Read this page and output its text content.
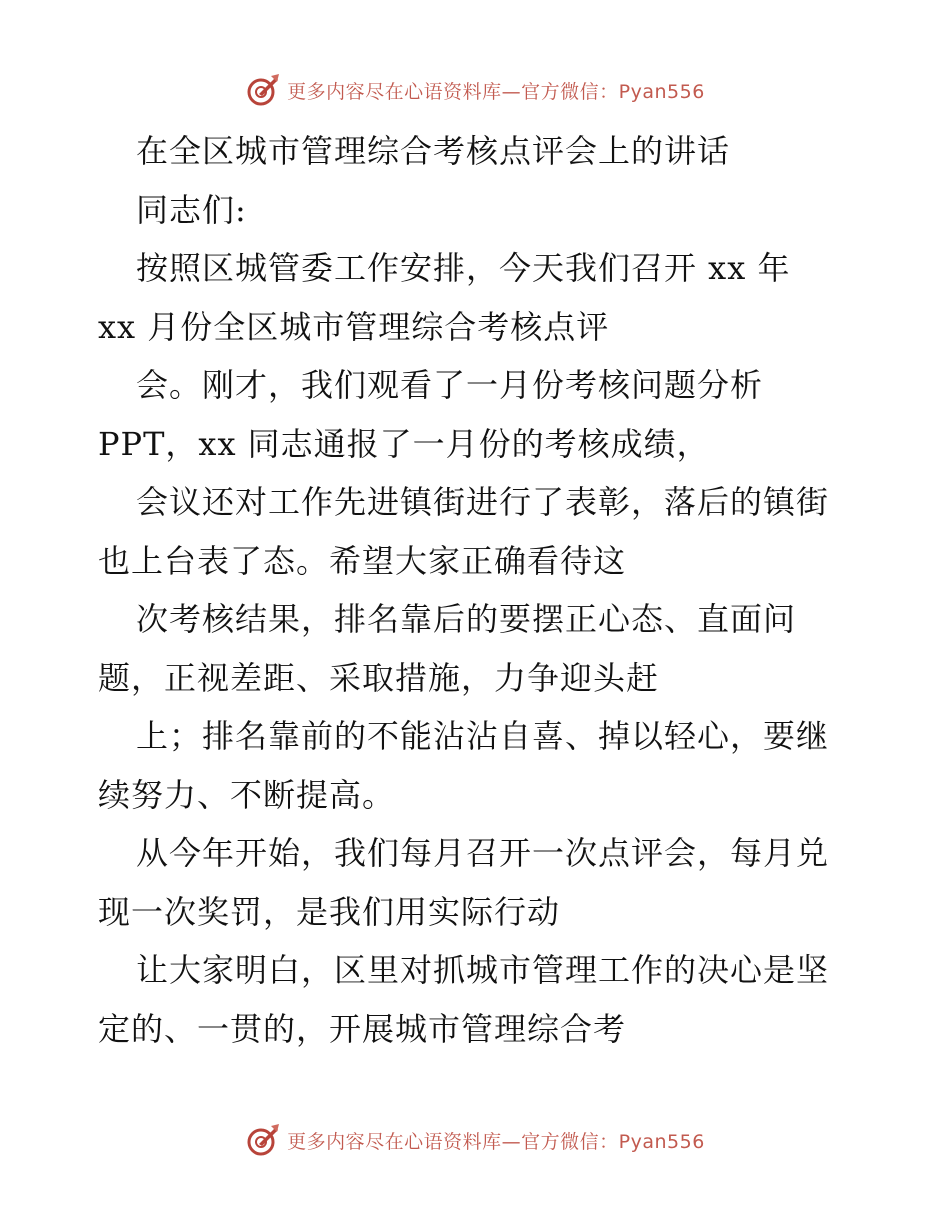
更多内容尽在心语资料库—官方微信：Pyan556
在全区城市管理综合考核点评会上的讲话
同志们:
按照区城管委工作安排，今天我们召开 xx 年
xx 月份全区城市管理综合考核点评
会。刚才，我们观看了一月份考核问题分析
PPT，xx 同志通报了一月份的考核成绩，
会议还对工作先进镇街进行了表彰，落后的镇街
也上台表了态。希望大家正确看待这
次考核结果，排名靠后的要摆正心态、直面问
题，正视差距、采取措施，力争迎头赶
上；排名靠前的不能沾沾自喜、掉以轻心，要继
续努力、不断提高。
从今年开始，我们每月召开一次点评会，每月兑
现一次奖罚，是我们用实际行动
让大家明白，区里对抓城市管理工作的决心是坚
定的、一贯的，开展城市管理综合考
更多内容尽在心语资料库—官方微信：Pyan556
